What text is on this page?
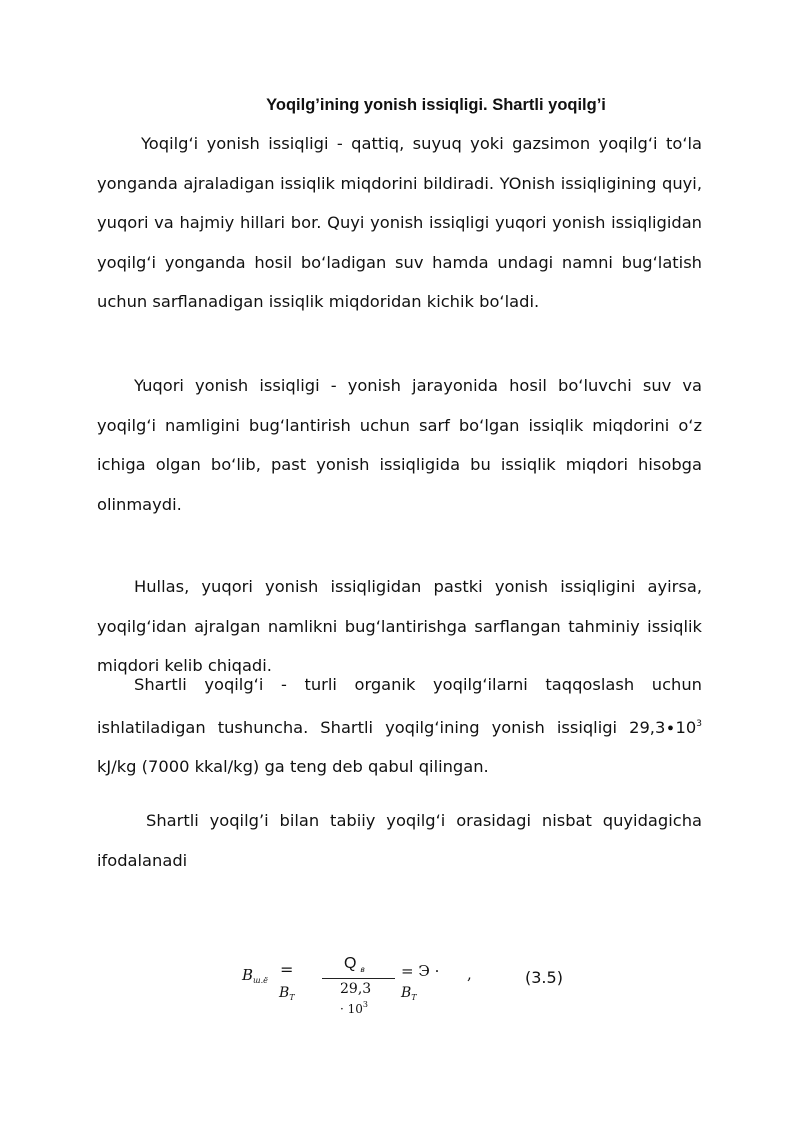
Yoqilg’ining yonish issiqligi. Shartli yoqilg’i

Yoqilg‘i yonish issiqligi - qattiq, suyuq yoki gazsimon yoqilg‘i to‘la yonganda ajraladigan issiqlik miqdorini bildiradi. YOnish issiqligining quyi, yuqori va hajmiy hillari bor. Quyi yonish issiqligi yuqori yonish issiqligidan yoqilg‘i yonganda hosil bo‘ladigan suv hamda undagi namni bug‘latish uchun sarflanadigan issiqlik miqdoridan kichik bo‘ladi.

Yuqori yonish issiqligi - yonish jarayonida hosil bo‘luvchi suv va yoqilg‘i namligini bug‘lantirish uchun sarf bo‘lgan issiqlik miqdorini o‘z ichiga olgan bo‘lib, past yonish issiqligida bu issiqlik miqdori hisobga olinmaydi.

Hullas, yuqori yonish issiqligidan pastki yonish issiqligini ayirsa, yoqilg‘idan ajralgan namlikni bug‘lantirishga sarflangan tahminiy issiqlik miqdori kelib chiqadi.

Shartli yoqilg‘i - turli organik yoqilg‘ilarni taqqoslash uchun ishlatiladigan tushuncha. Shartli yoqilg‘ining yonish issiqligi $29,3\cdot 10^3$ kJ/kg (7000 kkal/kg) ga teng deb qabul qilingan.

Shartli yoqilg’i bilan tabiiy yoqilg‘i orasidagi nisbat quyidagicha ifodalanadi

$B_{ш.ё}$
=
$B_T$
Q $_в$
29,3
· $10^3$
= Э ·
$B_T$
,	(3.5)
